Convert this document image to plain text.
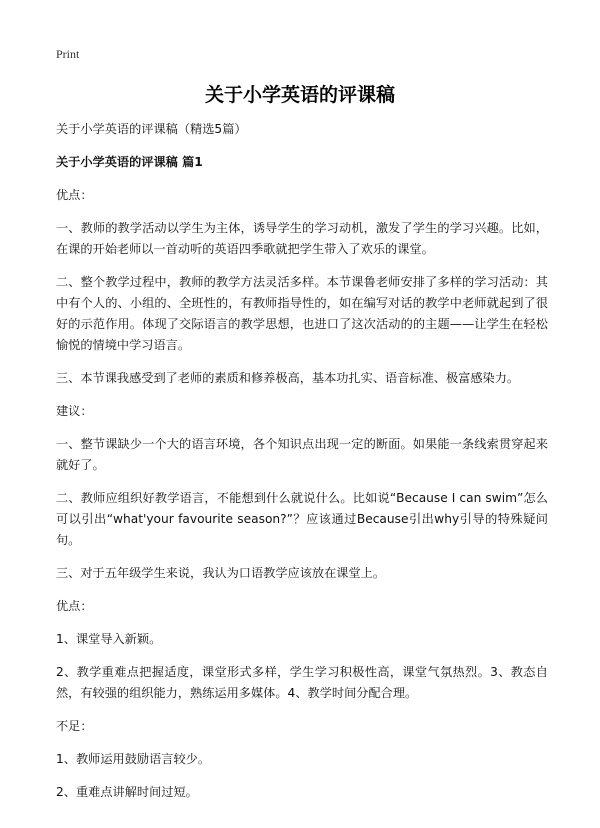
Print
关于小学英语的评课稿

关于小学英语的评课稿（精选5篇）

关于小学英语的评课稿 篇1

优点：

一、教师的教学活动以学生为主体，诱导学生的学习动机，激发了学生的学习兴趣。比如，在课的开始老师以一首动听的英语四季歌就把学生带入了欢乐的课堂。

二、整个教学过程中，教师的教学方法灵活多样。本节课鲁老师安排了多样的学习活动：其中有个人的、小组的、全班性的，有教师指导性的，如在编写对话的教学中老师就起到了很好的示范作用。体现了交际语言的教学思想，也进口了这次活动的的主题——让学生在轻松愉悦的情境中学习语言。

三、本节课我感受到了老师的素质和修养极高，基本功扎实、语音标准、极富感染力。

建议：

一、整节课缺少一个大的语言环境，各个知识点出现一定的断面。如果能一条线索贯穿起来就好了。

二、教师应组织好教学语言，不能想到什么就说什么。比如说“Because I can swim”怎么可以引出“what'your favourite season?”？应该通过Because引出why引导的特殊疑问句。

三、对于五年级学生来说，我认为口语教学应该放在课堂上。

优点：

1、课堂导入新颖。

2、教学重难点把握适度，课堂形式多样，学生学习积极性高，课堂气氛热烈。3、教态自然，有较强的组织能力，熟练运用多媒体。4、教学时间分配合理。

不足：

1、教师运用鼓励语言较少。

2、重难点讲解时间过短。
